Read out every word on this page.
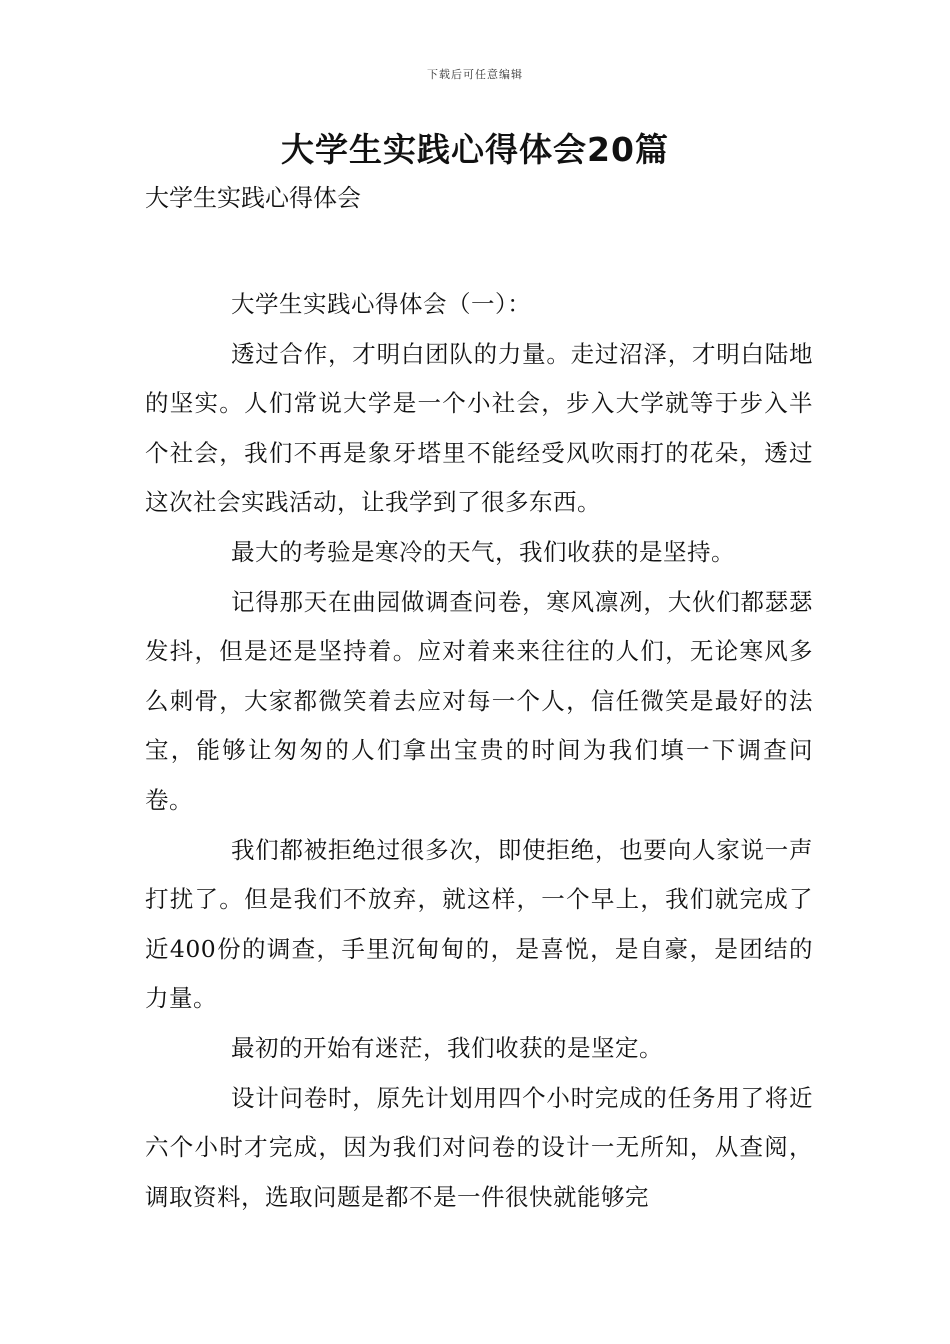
下载后可任意编辑
大学生实践心得体会20篇

大学生实践心得体会

大学生实践心得体会（一）：

透过合作，才明白团队的力量。走过沼泽，才明白陆地的坚实。人们常说大学是一个小社会，步入大学就等于步入半个社会，我们不再是象牙塔里不能经受风吹雨打的花朵，透过这次社会实践活动，让我学到了很多东西。

最大的考验是寒冷的天气，我们收获的是坚持。

记得那天在曲园做调查问卷，寒风凛冽，大伙们都瑟瑟发抖，但是还是坚持着。应对着来来往往的人们，无论寒风多么刺骨，大家都微笑着去应对每一个人，信任微笑是最好的法宝，能够让匆匆的人们拿出宝贵的时间为我们填一下调查问卷。

我们都被拒绝过很多次，即使拒绝，也要向人家说一声打扰了。但是我们不放弃，就这样，一个早上，我们就完成了近400份的调查，手里沉甸甸的，是喜悦，是自豪，是团结的力量。

最初的开始有迷茫，我们收获的是坚定。

设计问卷时，原先计划用四个小时完成的任务用了将近六个小时才完成，因为我们对问卷的设计一无所知，从查阅，调取资料，选取问题是都不是一件很快就能够完
